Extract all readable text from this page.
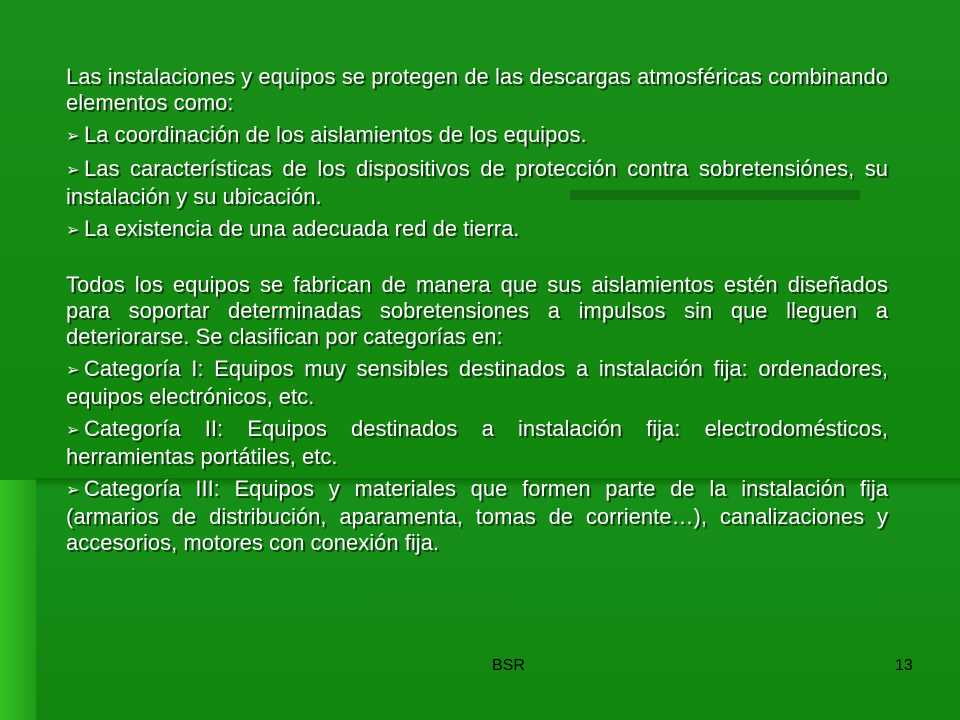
Las instalaciones y equipos se protegen de las descargas atmosféricas combinando elementos como:

➢ La coordinación de los aislamientos de los equipos.

➢ Las características de los dispositivos de protección contra sobretensiónes, su instalación y su ubicación.

➢ La existencia de una adecuada red de tierra.

Todos los equipos se fabrican de manera que sus aislamientos estén diseñados para soportar determinadas sobretensiones a impulsos sin que lleguen a deteriorarse. Se clasifican por categorías en:

➢ Categoría I: Equipos muy sensibles destinados a instalación fija: ordenadores, equipos electrónicos, etc.

➢ Categoría II: Equipos destinados a instalación fija: electrodomésticos, herramientas portátiles, etc.

➢ Categoría III: Equipos y materiales que formen parte de la instalación fija (armarios de distribución, aparamenta, tomas de corriente…), canalizaciones y accesorios, motores con conexión fija.

BSR	13
